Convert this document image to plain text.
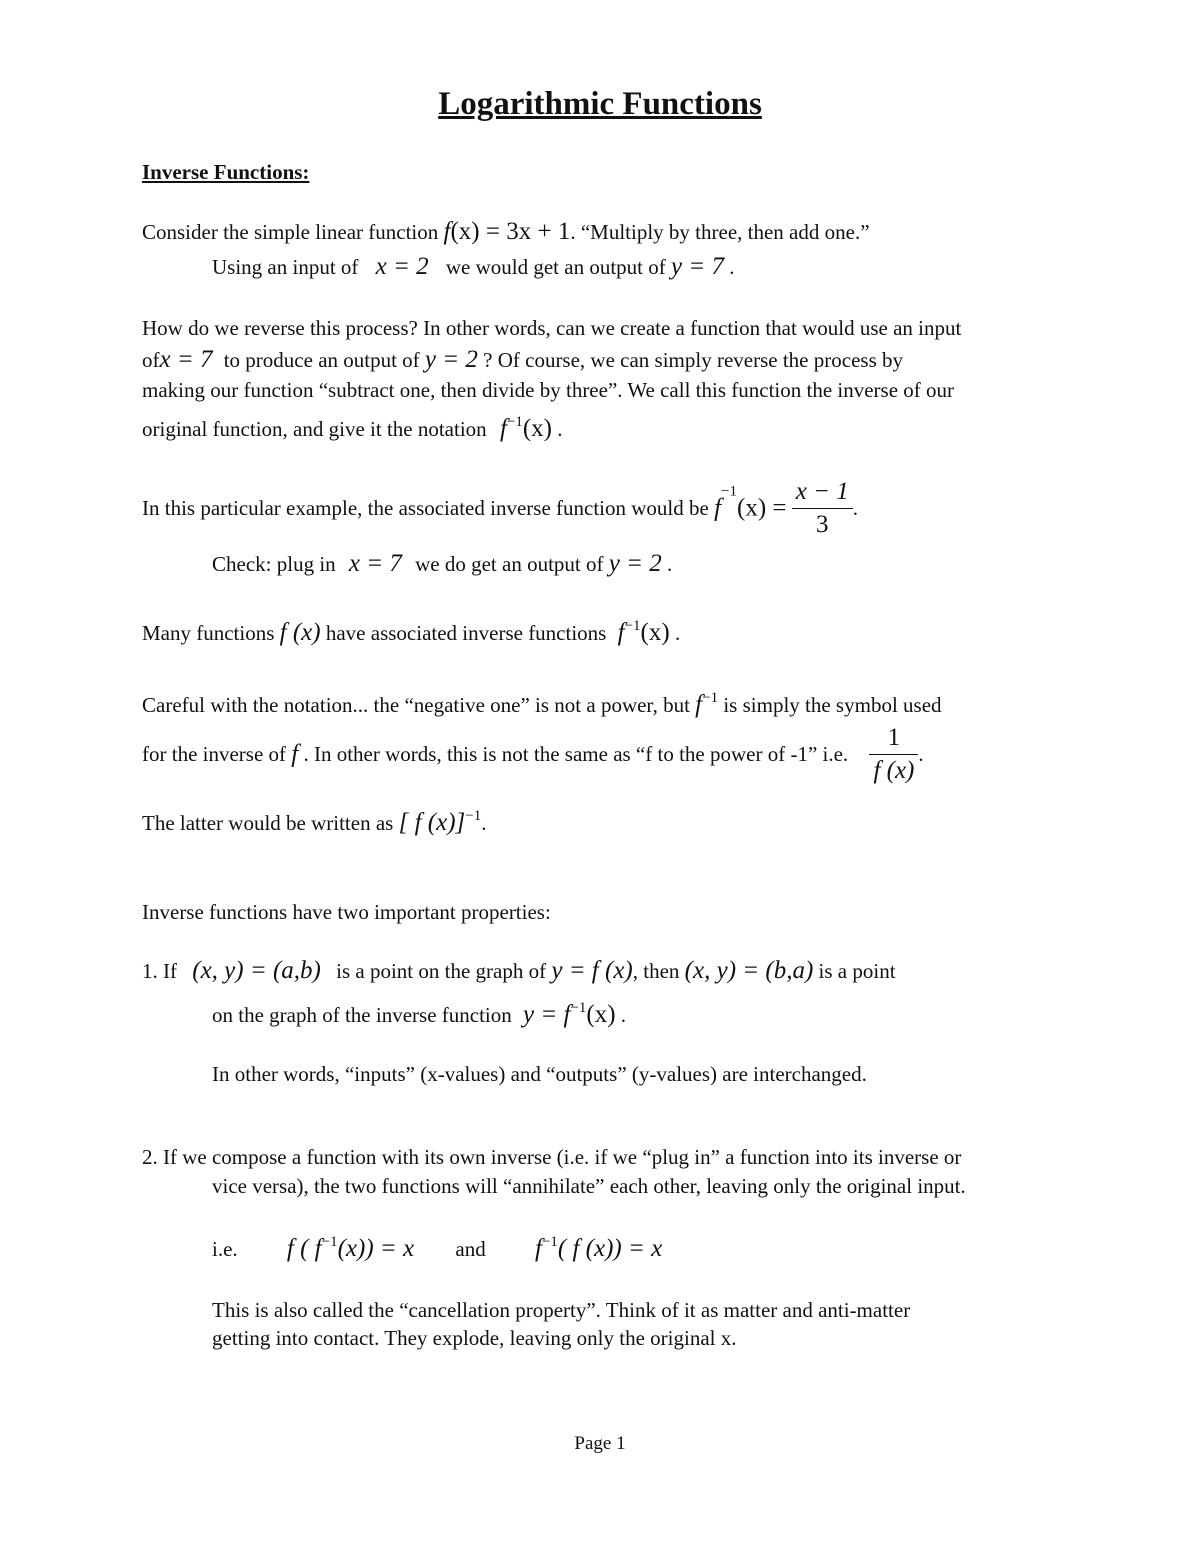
Logarithmic Functions
Inverse Functions:
Consider the simple linear function f(x) = 3x + 1. “Multiply by three, then add one.”
Using an input of x = 2 we would get an output of y = 7 .
How do we reverse this process? In other words, can we create a function that would use an input
ofx = 7 to produce an output of y = 2 ? Of course, we can simply reverse the process by
making our function “subtract one, then divide by three”. We call this function the inverse of our
original function, and give it the notation $f^{-1}(x)$ .
In this particular example, the associated inverse function would be $f^{-1}(x) = \frac{x - 1}{3}$ .
Check: plug in x = 7 we do get an output of y = 2 .
Many functions f (x) have associated inverse functions $f^{-1}(x)$ .
Careful with the notation... the “negative one” is not a power, but $f^{-1}$ is simply the symbol used
for the inverse of f . In other words, this is not the same as “f to the power of -1” i.e. $\frac{1}{f (x)}$ .
The latter would be written as [ f (x)]$^{-1}$.
Inverse functions have two important properties:
1. If (x, y) = (a,b) is a point on the graph of y = f (x), then (x, y) = (b,a) is a point
on the graph of the inverse function $y = f^{-1}(x)$ .
In other words, “inputs” (x-values) and “outputs” (y-values) are interchanged.
2. If we compose a function with its own inverse (i.e. if we “plug in” a function into its inverse or
vice versa), the two functions will “annihilate” each other, leaving only the original input.
i.e. f ( $f^{-1}(x)) = x$ and $f^{-1}$( f (x)) = x
This is also called the “cancellation property”. Think of it as matter and anti-matter
getting into contact. They explode, leaving only the original x.
Page 1
